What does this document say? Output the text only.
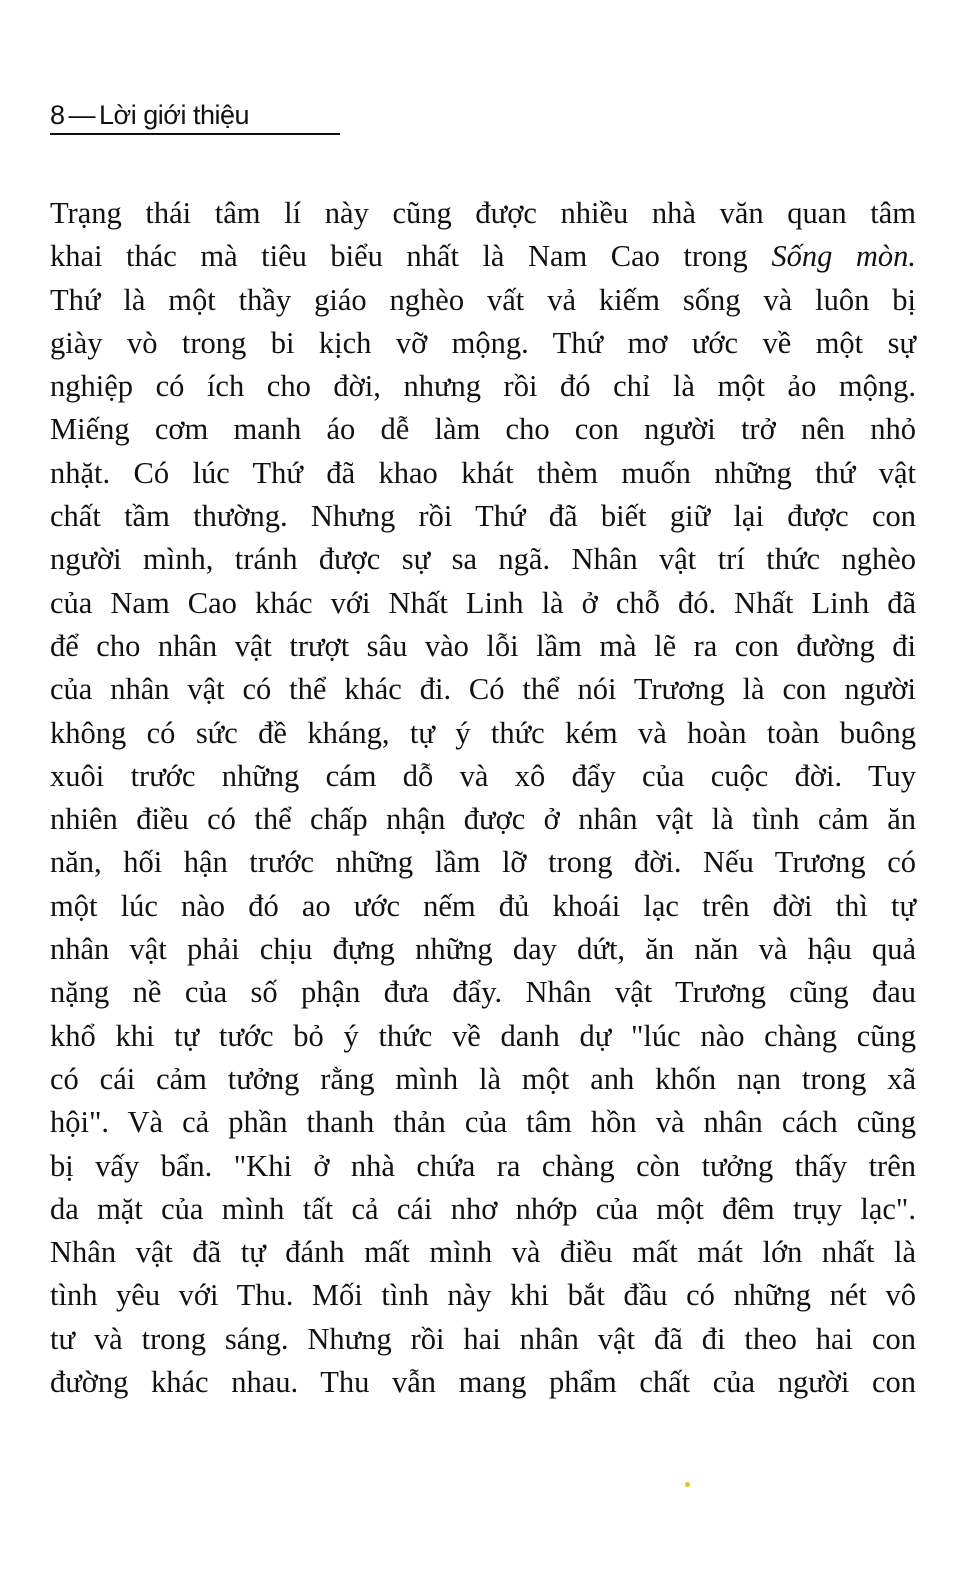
8 — Lời giới thiệu
Trạng thái tâm lí này cũng được nhiều nhà văn quan tâm
khai thác mà tiêu biểu nhất là Nam Cao trong Sống mòn.
Thứ là một thầy giáo nghèo vất vả kiếm sống và luôn bị
giày vò trong bi kịch vỡ mộng. Thứ mơ ước về một sự
nghiệp có ích cho đời, nhưng rồi đó chỉ là một ảo mộng.
Miếng cơm manh áo dễ làm cho con người trở nên nhỏ
nhặt. Có lúc Thứ đã khao khát thèm muốn những thứ vật
chất tầm thường. Nhưng rồi Thứ đã biết giữ lại được con
người mình, tránh được sự sa ngã. Nhân vật trí thức nghèo
của Nam Cao khác với Nhất Linh là ở chỗ đó. Nhất Linh đã
để cho nhân vật trượt sâu vào lỗi lầm mà lẽ ra con đường đi
của nhân vật có thể khác đi. Có thể nói Trương là con người
không có sức đề kháng, tự ý thức kém và hoàn toàn buông
xuôi trước những cám dỗ và xô đẩy của cuộc đời. Tuy
nhiên điều có thể chấp nhận được ở nhân vật là tình cảm ăn
năn, hối hận trước những lầm lỡ trong đời. Nếu Trương có
một lúc nào đó ao ước nếm đủ khoái lạc trên đời thì tự
nhân vật phải chịu đựng những day dứt, ăn năn và hậu quả
nặng nề của số phận đưa đẩy. Nhân vật Trương cũng đau
khổ khi tự tước bỏ ý thức về danh dự "lúc nào chàng cũng
có cái cảm tưởng rằng mình là một anh khốn nạn trong xã
hội". Và cả phần thanh thản của tâm hồn và nhân cách cũng
bị vấy bẩn. "Khi ở nhà chứa ra chàng còn tưởng thấy trên
da mặt của mình tất cả cái nhơ nhớp của một đêm trụy lạc".
Nhân vật đã tự đánh mất mình và điều mất mát lớn nhất là
tình yêu với Thu. Mối tình này khi bắt đầu có những nét vô
tư và trong sáng. Nhưng rồi hai nhân vật đã đi theo hai con
đường khác nhau. Thu vẫn mang phẩm chất của người con
